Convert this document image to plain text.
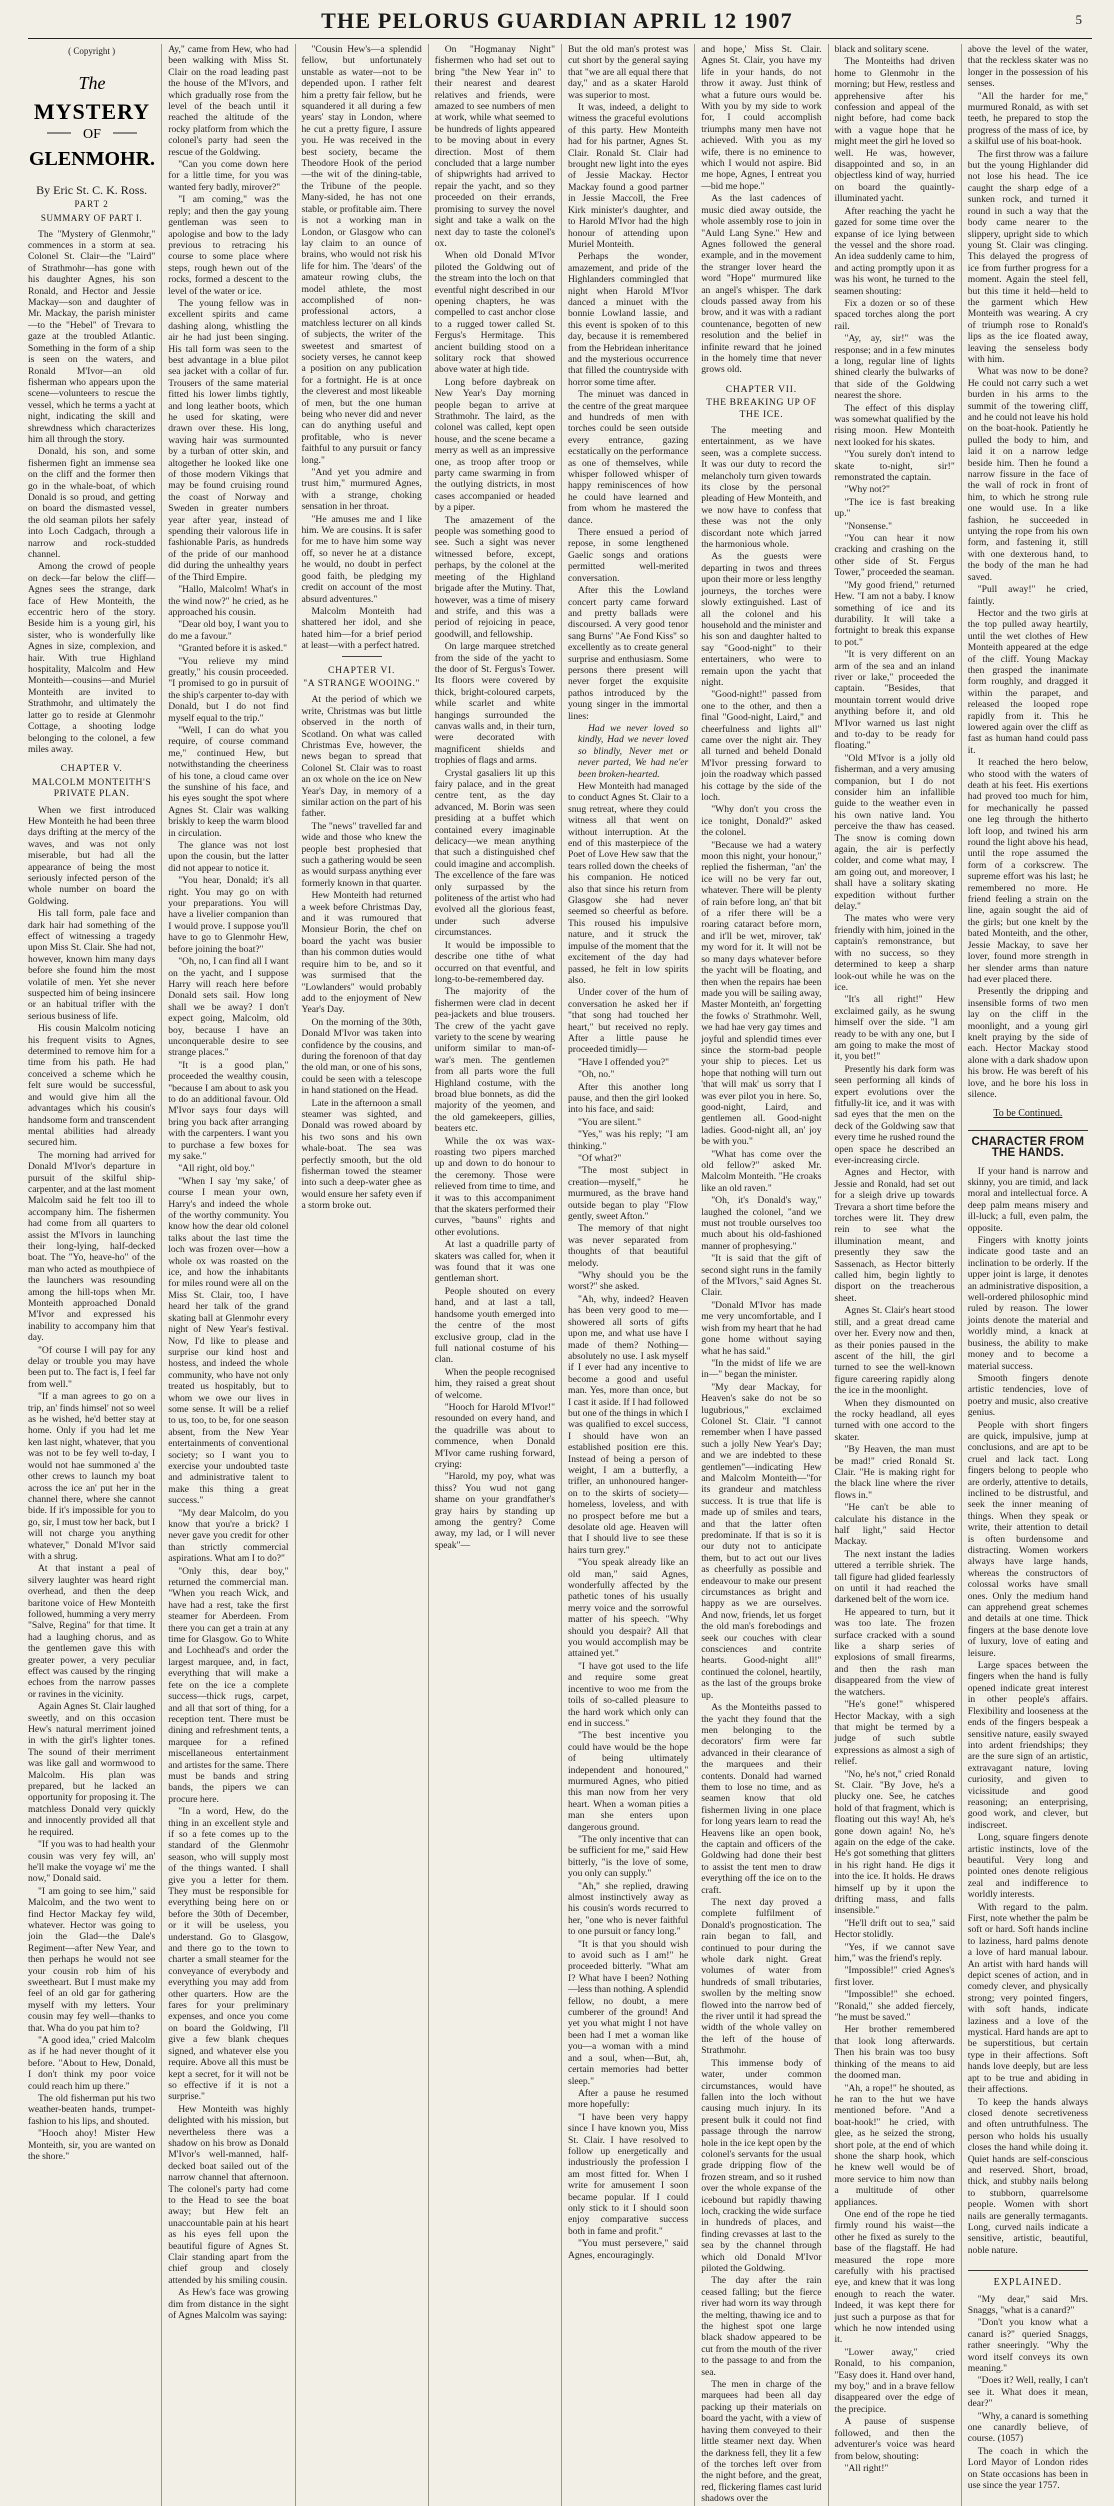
THE PELORUS GUARDIAN APRIL 12 1907	5
( Copyright )
The
MYSTERY
OF
GLENMOHR.
By Eric St. C. K. Ross.
PART 2
SUMMARY OF PART I.

The "Mystery of Glenmohr," commences in a storm at sea. Colonel St. Clair—the "Laird" of Strathmohr—has gone with his daughter Agnes, his son Ronald, and Hector and Jessie Mackay—son and daughter of Mr. Mackay, the parish minister—to the "Hebel" of Trevara to gaze at the troubled Atlantic. Something in the form of a ship is seen on the waters, and Ronald M'Ivor—an old fisherman who appears upon the scene—volunteers to rescue the vessel, which he terms a yacht at night, indicating the skill and shrewdness which characterizes him all through the story.

Donald, his son, and some fishermen fight an immense sea on the cliff and the former then go in the whale-boat, of which Donald is so proud, and getting on board the dismasted vessel, the old seaman pilots her safely into Loch Cadgach, through a narrow and rock-studded channel.

Among the crowd of people on deck—far below the cliff—Agnes sees the strange, dark face of Hew Monteith, the eccentric hero of the story. Beside him is a young girl, his sister, who is wonderfully like Agnes in size, complexion, and hair. With true Highland hospitality, Malcolm and Hew Monteith—cousins—and Muriel Monteith are invited to Strathmohr, and ultimately the latter go to reside at Glenmohr Cottage, a shooting lodge belonging to the colonel, a few miles away.

CHAPTER V.
MALCOLM MONTEITH'S PRIVATE PLAN.

When we first introduced Hew Monteith he had been three days drifting at the mercy of the waves, and was not only miserable, but had all the appearance of being the most seriously infected person of the whole number on board the Goldwing.

His tall form, pale face and dark hair had something of the effect of witnessing a tragedy upon Miss St. Clair. She had not, however, known him many days before she found him the most volatile of men. Yet she never suspected him of being insincere or an habitual trifler with the serious business of life.

His cousin Malcolm noticing his frequent visits to Agnes, determined to remove him for a time from his path. He had conceived a scheme which he felt sure would be successful, and would give him all the advantages which his cousin's handsome form and transcendent mental abilities had already secured him.

The morning had arrived for Donald M'Ivor's departure in pursuit of the skilful ship-carpenter, and at the last moment Malcolm said he felt too ill to accompany him. The fishermen had come from all quarters to assist the M'Ivors in launching their long-lying, half-decked boat. The "Yo, heave-ho" of the man who acted as mouthpiece of the launchers was resounding among the hill-tops when Mr. Monteith approached Donald M'Ivor and expressed his inability to accompany him that day.

"Of course I will pay for any delay or trouble you may have been put to. The fact is, I feel far from well."

"If a man agrees to go on a trip, an' finds himsel' not so weel as he wished, he'd better stay at home. Only if you had let me ken last night, whatever, that you was not to be fey well to-day, I would not hae summoned a' the other crews to launch my boat across the ice an' put her in the channel there, where she cannot bide. If it's impossible for you to go, sir, I must tow her back, but I will not charge you anything whatever," Donald M'Ivor said with a shrug.

At that instant a peal of silvery laughter was heard right overhead, and then the deep baritone voice of Hew Monteith followed, humming a very merry "Salve, Regina" for that time. It had a laughing chorus, and as the gentlemen gave this with greater power, a very peculiar effect was caused by the ringing echoes from the narrow passes or ravines in the vicinity.

Again Agnes St. Clair laughed sweetly, and on this occasion Hew's natural merriment joined in with the girl's lighter tones. The sound of their merriment was like gall and wormwood to Malcolm. His plan was prepared, but he lacked an opportunity for proposing it. The matchless Donald very quickly and innocently provided all that he required.

"If you was to had health your cousin was very fey will, an' he'll make the voyage wi' me the now," Donald said.

"I am going to see him," said Malcolm, and the two went to find Hector Mackay fey wild, whatever. Hector was going to join the Glad—the Dale's Regiment—after New Year, and then perhaps he would not see your cousin rob him of his sweetheart. But I must make my feel of an old gar for gathering myself with my letters. Your cousin may fey well—thanks to that. Wha do you pat him to?

"A good idea," cried Malcolm as if he had never thought of it before. "About to Hew, Donald, I don't think my poor voice could reach him up there."

The old fisherman put his two weather-beaten hands, trumpet-fashion to his lips, and shouted.

"Hooch ahoy! Mister Hew Monteith, sir, you are wanted on the shore."

Ay," came from Hew, who had been walking with Miss St. Clair on the road leading past the house of the M'Ivors, and which gradually rose from the level of the beach until it reached the altitude of the rocky platform from which the colonel's party had seen the rescue of the Goldwing.

"Can you come down here for a little time, for you was wanted fery badly, mirover?"

"I am coming," was the reply; and then the gay young gentleman was seen to apologise and bow to the lady previous to retracing his course to some place where steps, rough hewn out of the rocks, formed a descent to the level of the water or ice.

The young fellow was in excellent spirits and came dashing along, whistling the air he had just been singing. His tall form was seen to the best advantage in a blue pilot sea jacket with a collar of fur. Trousers of the same material fitted his lower limbs tightly, and long leather boots, which he used for skating, were drawn over these. His long, waving hair was surmounted by a turban of otter skin, and altogether he looked like one of those modern Vikings that may be found cruising round the coast of Norway and Sweden in greater numbers year after year, instead of spending their valorous life in fashionable Paris, as hundreds of the pride of our manhood did during the unhealthy years of the Third Empire.

"Hallo, Malcolm! What's in the wind now?" he cried, as he approached his cousin.

"Dear old boy, I want you to do me a favour."

"Granted before it is asked."

"You relieve my mind greatly," his cousin proceeded. "I promised to go in pursuit of the ship's carpenter to-day with Donald, but I do not find myself equal to the trip."

"Well, I can do what you require, of course command me," continued Hew, but notwithstanding the cheeriness of his tone, a cloud came over the sunshine of his face, and his eyes sought the spot where Agnes St. Clair was walking briskly to keep the warm blood in circulation.

The glance was not lost upon the cousin, but the latter did not appear to notice it.

"You hear, Donald; it's all right. You may go on with your preparations. You will have a livelier companion than I would prove. I suppose you'll have to go to Glenmohr Hew, before joining the boat?"

"Oh, no, I can find all I want on the yacht, and I suppose Harry will reach here before Donald sets sail. How long shall we be away? I don't expect going, Malcolm, old boy, because I have an unconquerable desire to see strange places."

"It is a good plan," proceeded the wealthy cousin, "because I am about to ask you to do an additional favour. Old M'Ivor says four days will bring you back after arranging with the carpenters. I want you to purchase a few boxes for my sake."

"All right, old boy."

"When I say 'my sake,' of course I mean your own, Harry's and indeed the whole of the worthy community. You know how the dear old colonel talks about the last time the loch was frozen over—how a whole ox was roasted on the ice, and how the inhabitants for miles round were all on the Miss St. Clair, too, I have heard her talk of the grand skating ball at Glenmohr every night of New Year's festival. Now, I'd like to please and surprise our kind host and hostess, and indeed the whole community, who have not only treated us hospitably, but to whom we owe our lives in some sense. It will be a relief to us, too, to be, for one season absent, from the New Year entertainments of conventional society; so I want you to exercise your undoubted taste and administrative talent to make this thing a great success."

"My dear Malcolm, do you know that you're a brick? I never gave you credit for other than strictly commercial aspirations. What am I to do?"

"Only this, dear boy," returned the commercial man. "When you reach Wick, and have had a rest, take the first steamer for Aberdeen. From there you can get a train at any time for Glasgow. Go to White and Lochhead's and order the largest marquee, and, in fact, everything that will make a fete on the ice a complete success—thick rugs, carpet, and all that sort of thing, for a reception tent. There must be dining and refreshment tents, a marquee for a refined miscellaneous entertainment and artistes for the same. There must be bands and string bands, the pipers we can procure here.

"In a word, Hew, do the thing in an excellent style and if so a fete comes up to the standard of the Glenmohr season, who will supply most of the things wanted. I shall give you a letter for them. They must be responsible for everything being here on or before the 30th of December, or it will be useless, you understand. Go to Glasgow, and there go to the town to charter a small steamer for the conveyance of everybody and everything you may add from other quarters. How are the fares for your preliminary expenses, and once you come on board the Goldwing, I'll give a few blank cheques signed, and whatever else you require. Above all this must be kept a secret, for it will not be so effective if it is not a surprise."

Hew Monteith was highly delighted with his mission, but nevertheless there was a shadow on his brow as Donald M'Ivor's well-manned, half-decked boat sailed out of the narrow channel that afternoon. The colonel's party had come to the Head to see the boat away; but Hew felt an unaccountable pain at his heart as his eyes fell upon the beautiful figure of Agnes St. Clair standing apart from the chief group and closely attended by his smiling cousin.

As Hew's face was growing dim from distance in the sight of Agnes Malcolm was saying:

"Cousin Hew's—a splendid fellow, but unfortunately unstable as water—not to be depended upon. I rather felt him a pretty fair fellow, but he squandered it all during a few years' stay in London, where he cut a pretty figure, I assure you. He was received in the best society, became the Theodore Hook of the period—the wit of the dining-table, the Tribune of the people. Many-sided, he has not one stable, or profitable aim. There is not a working man in London, or Glasgow who can lay claim to an ounce of brains, who would not risk his life for him. The 'dears' of the amateur rowing clubs, the model athlete, the most accomplished of non-professional actors, a matchless lecturer on all kinds of subjects, the writer of the sweetest and smartest of society verses, he cannot keep a position on any publication for a fortnight. He is at once the cleverest and most likeable of men, but the one human being who never did and never can do anything useful and profitable, who is never faithful to any pursuit or fancy long."

"And yet you admire and trust him," murmured Agnes, with a strange, choking sensation in her throat.

"He amuses me and I like him. We are cousins. It is safer for me to have him some way off, so never he at a distance he would, no doubt in perfect good faith, be pledging my credit on account of the most absurd adventures."

Malcolm Monteith had shattered her idol, and she hated him—for a brief period at least—with a perfect hatred.

CHAPTER VI.
"A STRANGE WOOING."

At the period of which we write, Christmas was but little observed in the north of Scotland. On what was called Christmas Eve, however, the news began to spread that Colonel St. Clair was to roast an ox whole on the ice on New Year's Day, in memory of a similar action on the part of his father.

The "news" travelled far and wide and those who knew the people best prophesied that such a gathering would be seen as would surpass anything ever formerly known in that quarter.

Hew Monteith had returned a week before Christmas Day, and it was rumoured that Monsieur Borin, the chef on board the yacht was busier than his common duties would require him to be, and so it was surmised that the "Lowlanders" would probably add to the enjoyment of New Year's Day.

On the morning of the 30th, Donald M'Ivor was taken into confidence by the cousins, and during the forenoon of that day the old man, or one of his sons, could be seen with a telescope in hand stationed on the Head.

Late in the afternoon a small steamer was sighted, and Donald was rowed aboard by his two sons and his own whale-boat. The sea was perfectly smooth, but the old fisherman towed the steamer into such a deep-water ghee as would ensure her safety even if a storm broke out.

On "Hogmanay Night" fishermen who had set out to bring "the New Year in" to their nearest and dearest relatives and friends, were amazed to see numbers of men at work, while what seemed to be hundreds of lights appeared to be moving about in every direction. Most of them concluded that a large number of shipwrights had arrived to repair the yacht, and so they proceeded on their errands, promising to survey the novel sight and take a walk on the next day to taste the colonel's ox.

When old Donald M'Ivor piloted the Goldwing out of the stream into the loch on that eventful night described in our opening chapters, he was compelled to cast anchor close to a rugged tower called St. Fergus's Hermitage. This ancient building stood on a solitary rock that showed above water at high tide.

Long before daybreak on New Year's Day morning people began to arrive at Strathmohr. The laird, as the colonel was called, kept open house, and the scene became a merry as well as an impressive one, as troop after troop or party came swarming in from the outlying districts, in most cases accompanied or headed by a piper.

The amazement of the people was something good to see. Such a sight was never witnessed before, except, perhaps, by the colonel at the meeting of the Highland brigade after the Mutiny. That, however, was a time of misery and strife, and this was a period of rejoicing in peace, goodwill, and fellowship.

On large marquee stretched from the side of the yacht to the door of St. Fergus's Tower. Its floors were covered by thick, bright-coloured carpets, while scarlet and white hangings surrounded the canvas walls and, in their turn, were decorated with magnificent shields and trophies of flags and arms.

Crystal gasaliers lit up this fairy palace, and in the great centre tent, as the day advanced, M. Borin was seen presiding at a buffet which contained every imaginable delicacy—we mean anything that such a distinguished chef could imagine and accomplish. The excellence of the fare was only surpassed by the politeness of the artist who had evolved all the glorious feast, under such adverse circumstances.

It would be impossible to describe one tithe of what occurred on that eventful, and long-to-be-remembered day.

The majority of the fishermen were clad in decent pea-jackets and blue trousers. The crew of the yacht gave variety to the scene by wearing uniform similar to man-of-war's men. The gentlemen from all parts wore the full Highland costume, with the broad blue bonnets, as did the majority of the yeomen, and the old gamekeepers, gillies, beaters etc.

While the ox was wax-roasting two pipers marched up and down to do honour to the ceremony. Those were relieved from time to time, and it was to this accompaniment that the skaters performed their curves, "bauns" rights and other evolutions.

At last a quadrille party of skaters was called for, when it was found that it was one gentleman short.

People shouted on every hand, and at last a tall, handsome youth emerged into the centre of the most exclusive group, clad in the full national costume of his clan.

When the people recognised him, they raised a great shout of welcome.

"Hooch for Harold M'Ivor!" resounded on every hand, and the quadrille was about to commence, when Donald M'Ivor came rushing forward, crying:

"Harold, my poy, what was thiss? You wud not gang shame on your grandfather's gray hairs by standing up among the gentry? Come away, my lad, or I will never speak"—

But the old man's protest was cut short by the general saying that "we are all equal there that day," and as a skater Harold was superior to most.

It was, indeed, a delight to witness the graceful evolutions of this party. Hew Monteith had for his partner, Agnes St. Clair. Ronald St. Clair had brought new light into the eyes of Jessie Mackay. Hector Mackay found a good partner in Jessie Maccoll, the Free Kirk minister's daughter, and to Harold M'Ivor had the high honour of attending upon Muriel Monteith.

Perhaps the wonder, amazement, and pride of the Highlanders commingled that night when Harold M'Ivor danced a minuet with the bonnie Lowland lassie, and this event is spoken of to this day, because it is remembered from the Hebridean inheritance and the mysterious occurrence that filled the countryside with horror some time after.

The minuet was danced in the centre of the great marquee and hundreds of men with torches could be seen outside every entrance, gazing ecstatically on the performance as one of themselves, while whisper followed whisper of happy reminiscences of how he could have learned and from whom he mastered the dance.

There ensued a period of repose, in some lengthened Gaelic songs and orations permitted well-merited conversation.

After this the Lowland concert party came forward and pretty ballads were discoursed. A very good tenor sang Burns' "Ae Fond Kiss" so excellently as to create general surprise and enthusiasm. Some persons there present will never forget the exquisite pathos introduced by the young singer in the immortal lines:

Had we never loved so kindly, Had we never loved so blindly, Never met or never parted, We had ne'er been broken-hearted.

Hew Monteith had managed to conduct Agnes St. Clair to a snug retreat, where they could witness all that went on without interruption. At the end of this masterpiece of the Poet of Love Hew saw that the tears rolled down the cheeks of his companion. He noticed also that since his return from Glasgow she had never seemed so cheerful as before. This roused his impulsive nature, and it struck the impulse of the moment that the excitement of the day had passed, he felt in low spirits also.

Under cover of the hum of conversation he asked her if "that song had touched her heart," but received no reply. After a little pause he proceeded timidly—

"Have I offended you?"

"Oh, no."

After this another long pause, and then the girl looked into his face, and said:

"You are silent."

"Yes," was his reply; "I am thinking."

"Of what?"

"The most subject in creation—myself," he murmured, as the brave hand outside began to play "Flow gently, sweet Afton."

The memory of that night was never separated from thoughts of that beautiful melody.

"Why should you be the worst?" she asked.

"Ah, why, indeed? Heaven has been very good to me—showered all sorts of gifts upon me, and what use have I made of them? Nothing—absolutely no use. I ask myself if I ever had any incentive to become a good and useful man. Yes, more than once, but I cast it aside. If I had followed but one of the things in which I was qualified to excel success, I should have won an established position ere this. Instead of being a person of weight, I am a butterfly, a trifler, an unhonoured hanger-on to the skirts of society—homeless, loveless, and with no prospect before me but a desolate old age. Heaven will that I should live to see these hairs turn grey."

"You speak already like an old man," said Agnes, wonderfully affected by the pathetic tones of his usually merry voice and the sorrowful matter of his speech. "Why should you despair? All that you would accomplish may be attained yet."

"I have got used to the life and require some great incentive to woo me from the toils of so-called pleasure to the hard work which only can end in success."

"The best incentive you could have would be the hope of being ultimately independent and honoured," murmured Agnes, who pitied this man now from her very heart. When a woman pities a man she enters upon dangerous ground.

"The only incentive that can be sufficient for me," said Hew bitterly, "is the love of some, you only can supply."

"Ah," she replied, drawing almost instinctively away as his cousin's words recurred to her, "one who is never faithful to one pursuit or fancy long."

"It is that you should wish to avoid such as I am!" he proceeded bitterly. "What am I? What have I been? Nothing—less than nothing. A splendid fellow, no doubt, a mere cumberer of the ground! And yet you what might I not have been had I met a woman like you—a woman with a mind and a soul, when—But, ah, certain memories had better sleep."

After a pause he resumed more hopefully:

"I have been very happy since I have known you, Miss St. Clair. I have resolved to follow up energetically and industriously the profession I am most fitted for. When I write for amusement I soon became popular. If I could only stick to it I should soon enjoy comparative success both in fame and profit."

"You must persevere," said Agnes, encouragingly.

and hope,' Miss St. Clair. Agnes St. Clair, you have my life in your hands, do not throw it away. Just think of what a future ours would be. With you by my side to work for, I could accomplish triumphs many men have not achieved. With you as my wife, there is no eminence to which I would not aspire. Bid me hope, Agnes, I entreat you—bid me hope."

As the last cadences of music died away outside, the whole assembly rose to join in "Auld Lang Syne." Hew and Agnes followed the general example, and in the movement the stranger lover heard the word "Hope" murmured like an angel's whisper. The dark clouds passed away from his brow, and it was with a radiant countenance, begotten of new resolution and the belief in infinite reward that he joined in the homely time that never grows old.

CHAPTER VII.
THE BREAKING UP OF THE ICE.

The meeting and entertainment, as we have seen, was a complete success. It was our duty to record the melancholy turn given towards its close by the personal pleading of Hew Monteith, and we now have to confess that these was not the only discordant note which jarred the harmonious whole.

As the guests were departing in twos and threes upon their more or less lengthy journeys, the torches were slowly extinguished. Last of all the colonel and his household and the minister and his son and daughter halted to say "Good-night" to their entertainers, who were to remain upon the yacht that night.

"Good-night!" passed from one to the other, and then a final "Good-night, Laird," and cheerfulness and lights all" came over the night air. They all turned and beheld Donald M'Ivor pressing forward to join the roadway which passed his cottage by the side of the loch.

"Why don't you cross the ice tonight, Donald?" asked the colonel.

"Because we had a watery moon this night, your honour," replied the fisherman, "an' the ice will no be very far out, whatever. There will be plenty of rain before long, an' that bit of a rifer there will be a roaring cataract before morn, and it'll be wet, mirover, tak' my word for it. It will not be so many days whatever before the yacht will be floating, and then when the repairs hae been made you will be sailing away, Master Monteith, an' forgetting the fowks o' Strathmohr. Well, we had hae very gay times and joyful and splendid times ever since the storm-bad people your ship to pieces. Let us hope that nothing will turn out 'that will mak' us sorry that I was ever pilot you in here. So, good-night, Laird, and gentlemen all. Good-night ladies. Good-night all, an' joy be with you."

"What has come over the old fellow?" asked Mr. Malcolm Monteith. "He croaks like an old raven."

"Oh, it's Donald's way," laughed the colonel, "and we must not trouble ourselves too much about his old-fashioned manner of prophesying."

"It is said that the gift of second sight runs in the family of the M'Ivors," said Agnes St. Clair.

"Donald M'Ivor has made me very uncomfortable, and I wish from my heart that he had gone home without saying what he has said."

"In the midst of life we are in—" began the minister.

"My dear Mackay, for Heaven's sake do not be so lugubrious," exclaimed Colonel St. Clair. "I cannot remember when I have passed such a jolly New Year's Day; and we are indebted to these gentlemen"—indicating Hew and Malcolm Monteith—"for its grandeur and matchless success. It is true that life is made up of smiles and tears, and that the latter often predominate. If that is so it is our duty not to anticipate them, but to act out our lives as cheerfully as possible and endeavour to make our present circumstances as bright and happy as we are ourselves. And now, friends, let us forget the old man's forebodings and seek our couches with clear consciences and contrite hearts. Good-night all!" continued the colonel, heartily, as the last of the groups broke up.

As the Monteiths passed to the yacht they found that the men belonging to the decorators' firm were far advanced in their clearance of the marquees and their contents. Donald had warned them to lose no time, and as seamen know that old fishermen living in one place for long years learn to read the Heavens like an open book, the captain and officers of the Goldwing had done their best to assist the tent men to draw everything off the ice on to the craft.

The next day proved a complete fulfilment of Donald's prognostication. The rain began to fall, and continued to pour during the whole dark night. Great volumes of water from hundreds of small tributaries, swollen by the melting snow flowed into the narrow bed of the river until it had spread the width of the whole valley on the left of the house of Strathmohr.

This immense body of water, under common circumstances, would have fallen into the loch without causing much injury. In its present bulk it could not find passage through the narrow hole in the ice kept open by the colonel's servants for the usual grade dripping flow of the frozen stream, and so it rushed over the whole expanse of the icebound but rapidly thawing loch, cracking the wide surface in hundreds of places, and finding crevasses at last to the sea by the channel through which old Donald M'Ivor piloted the Goldwing.

The day after the rain ceased falling; but the fierce river had worn its way through the melting, thawing ice and to the highest spot one large black shadow appeared to be cut from the mouth of the river to the passage to and from the sea.

The men in charge of the marquees had been all day packing up their materials on board the yacht, with a view of having them conveyed to their little steamer next day. When the darkness fell, they lit a few of the torches left over from the night before, and the great, red, flickering flames cast lurid shadows over the

black and solitary scene.

The Monteiths had driven home to Glenmohr in the morning; but Hew, restless and apprehensive after his confession and appeal of the night before, had come back with a vague hope that he might meet the girl he loved so well. He was, however, disappointed and so, in an objectless kind of way, hurried on board the quaintly-illuminated yacht.

After reaching the yacht he gazed for some time over the expanse of ice lying between the vessel and the shore road. An idea suddenly came to him, and acting promptly upon it as was his wont, he turned to the seamen shouting:

Fix a dozen or so of these spaced torches along the port rail.

"Ay, ay, sir!" was the response; and in a few minutes a long, regular line of lights shined clearly the bulwarks of that side of the Goldwing nearest the shore.

The effect of this display was somewhat qualified by the rising moon. Hew Monteith next looked for his skates.

"You surely don't intend to skate to-night, sir!" remonstrated the captain.

"Why not?"

"The ice is fast breaking up."

"Nonsense."

"You can hear it now cracking and crashing on the other side of St. Fergus Tower," proceeded the seaman.

"My good friend," returned Hew. "I am not a baby. I know something of ice and its durability. It will take a fortnight to break this expanse to pot."

"It is very different on an arm of the sea and an inland river or lake," proceeded the captain. "Besides, that mountain torrent would drive anything before it, and old M'Ivor warned us last night and to-day to be ready for floating."

"Old M'Ivor is a jolly old fisherman, and a very amusing companion, but I do not consider him an infallible guide to the weather even in his own native land. You perceive the thaw has ceased. The snow is coming down again, the air is perfectly colder, and come what may, I am going out, and moreover, I shall have a solitary skating expedition without further delay."

The mates who were very friendly with him, joined in the captain's remonstrance, but with no success, so they determined to keep a sharp look-out while he was on the ice.

"It's all right!" Hew exclaimed gaily, as he swung himself over the side. "I am ready to be with any one, but I am going to make the most of it, you bet!"

Presently his dark form was seen performing all kinds of expert evolutions over the fitfully-lit ice, and it was with sad eyes that the men on the deck of the Goldwing saw that every time he rushed round the open space he described an ever-increasing circle.

Agnes and Hector, with Jessie and Ronald, had set out for a sleigh drive up towards Trevara a short time before the torches were lit. They drew rein to see what the illumination meant, and presently they saw the Sassenach, as Hector bitterly called him, begin lightly to disport on the treacherous sheet.

Agnes St. Clair's heart stood still, and a great dread came over her. Every now and then, as their ponies paused in the ascent of the hill, the girl turned to see the well-known figure careering rapidly along the ice in the moonlight.

When they dismounted on the rocky headland, all eyes turned with one accord to the skater.

"By Heaven, the man must be mad!" cried Ronald St. Clair. "He is making right for the black line where the river flows in."

"He can't be able to calculate his distance in the half light," said Hector Mackay.

The next instant the ladies uttered a terrible shriek. The tall figure had glided fearlessly on until it had reached the darkened belt of the worn ice.

He appeared to turn, but it was too late. The frozen surface cracked with a sound like a sharp series of explosions of small firearms, and then the rash man disappeared from the view of the watchers.

"He's gone!" whispered Hector Mackay, with a sigh that might be termed by a judge of such subtle expressions as almost a sigh of relief.

"No, he's not," cried Ronald St. Clair. "By Jove, he's a plucky one. See, he catches hold of that fragment, which is floating out this way! Ah, he's gone down again! No, he's again on the edge of the cake. He's got something that glitters in his right hand. He digs it into the ice. It holds. He draws himself up by it upon the drifting mass, and falls insensible."

"He'll drift out to sea," said Hector stolidly.

"Yes, if we cannot save him," was the friend's reply.

"Impossible!" cried Agnes's first lover.

"Impossible!" she echoed. "Ronald," she added fiercely, "he must be saved."

Her brother remembered that look long afterwards. Then his brain was too busy thinking of the means to aid the doomed man.

"Ah, a rope!" he shouted, as he ran to the hut we have mentioned before. "And a boat-hook!" he cried, with glee, as he seized the strong, short pole, at the end of which shone the sharp hook, which he knew well would be of more service to him now than a multitude of other appliances.

One end of the rope he tied firmly round his waist—the other he fixed as surely to the base of the flagstaff. He had measured the rope more carefully with his practised eye, and knew that it was long enough to reach the water. Indeed, it was kept there for just such a purpose as that for which he now intended using it.

"Lower away," cried Ronald, to his companion, "Easy does it. Hand over hand, my boy," and in a brave fellow disappeared over the edge of the precipice.

A pause of suspense followed, and then the adventurer's voice was heard from below, shouting:

"All right!"

above the level of the water, that the reckless skater was no longer in the possession of his senses.

"All the harder for me," murmured Ronald, as with set teeth, he prepared to stop the progress of the mass of ice, by a skilful use of his boat-hook.

The first throw was a failure but the young Highlander did not lose his head. The ice caught the sharp edge of a sunken rock, and turned it round in such a way that the body came nearer to the slippery, upright side to which young St. Clair was clinging. This delayed the progress of ice from further progress for a moment. Again the steel fell, but this time it held—held to the garment which Hew Monteith was wearing. A cry of triumph rose to Ronald's lips as the ice floated away, leaving the senseless body with him.

What was now to be done? He could not carry such a wet burden in his arms to the summit of the towering cliff, and he could not leave his hold on the boat-hook. Patiently he pulled the body to him, and laid it on a narrow ledge beside him. Then he found a narrow fissure in the face of the wall of rock in front of him, to which he strong rule one would use. In a like fashion, he succeeded in untying the rope from his own form, and fastening it, still with one dexterous hand, to the body of the man he had saved.

"Pull away!" he cried, faintly.

Hector and the two girls at the top pulled away heartily, until the wet clothes of Hew Monteith appeared at the edge of the cliff. Young Mackay then grasped the inanimate form roughly, and dragged it within the parapet, and released the looped rope rapidly from it. This he lowered again over the cliff as fast as human hand could pass it.

It reached the hero below, who stood with the waters of death at his feet. His exertions had proved too much for him, for mechanically he passed one leg through the hitherto loft loop, and twined his arm round the light above his head, until the rope assumed the form of a corkscrew. The supreme effort was his last; he remembered no more. He friend feeling a strain on the line, again sought the aid of the girls; but one knelt by the bated Monteith, and the other, Jessie Mackay, to save her lover, found more strength in her slender arms than nature had ever placed there.

Presently the dripping and insensible forms of two men lay on the cliff in the moonlight, and a young girl knelt praying by the side of each. Hector Mackay stood alone with a dark shadow upon his brow. He was bereft of his love, and he bore his loss in silence.

To be Continued.
CHARACTER FROM THE HANDS.

If your hand is narrow and skinny, you are timid, and lack moral and intellectual force. A deep palm means misery and ill-luck; a full, even palm, the opposite.

Fingers with knotty joints indicate good taste and an inclination to be orderly. If the upper joint is large, it denotes an administrative disposition, a well-ordered philosophic mind ruled by reason. The lower joints denote the material and worldly mind, a knack at business, the ability to make money and to become a material success.

Smooth fingers denote artistic tendencies, love of poetry and music, also creative genius.

People with short fingers are quick, impulsive, jump at conclusions, and are apt to be cruel and lack tact. Long fingers belong to people who are orderly, attentive to details, inclined to be distrustful, and seek the inner meaning of things. When they speak or write, their attention to detail is often burdensome and distracting. Women workers always have large hands, whereas the constructors of colossal works have small ones. Only the medium hand can apprehend great schemes and details at one time. Thick fingers at the base denote love of luxury, love of eating and leisure.

Large spaces between the fingers when the hand is fully opened indicate great interest in other people's affairs. Flexibility and looseness at the ends of the fingers bespeak a sensitive nature, easily swayed into ardent friendships; they are the sure sign of an artistic, extravagant nature, loving curiosity, and given to vicissitude and good reasoning; an enterprising, good work, and clever, but indiscreet.

Long, square fingers denote artistic instincts, love of the beautiful. Very long and pointed ones denote religious zeal and indifference to worldly interests.

With regard to the palm. First, note whether the palm be soft or hard. Soft hands incline to laziness, hard palms denote a love of hard manual labour. An artist with hard hands will depict scenes of action, and in comedy clever, and physically strong; very pointed fingers, with soft hands, indicate laziness and a love of the mystical. Hard hands are apt to be superstitious, but certain type in their affections. Soft hands love deeply, but are less apt to be true and abiding in their affections.

To keep the hands always closed denote secretiveness and often untruthfulness. The person who holds his usually closes the hand while doing it. Quiet hands are self-conscious and reserved. Short, broad, thick, and stubby nails belong to stubborn, quarrelsome people. Women with short nails are generally termagants. Long, curved nails indicate a sensitive, artistic, beautiful, noble nature.

EXPLAINED.

"My dear," said Mrs. Snaggs, "what is a canard?"

"Don't you know what a canard is?" queried Snaggs, rather sneeringly. "Why the word itself conveys its own meaning."

"Does it? Well, really, I can't see it. What does it mean, dear?"

"Why, a canard is something one canardly believe, of course. (1057)

The coach in which the Lord Mayor of London rides on State occasions has been in use since the year 1757.
